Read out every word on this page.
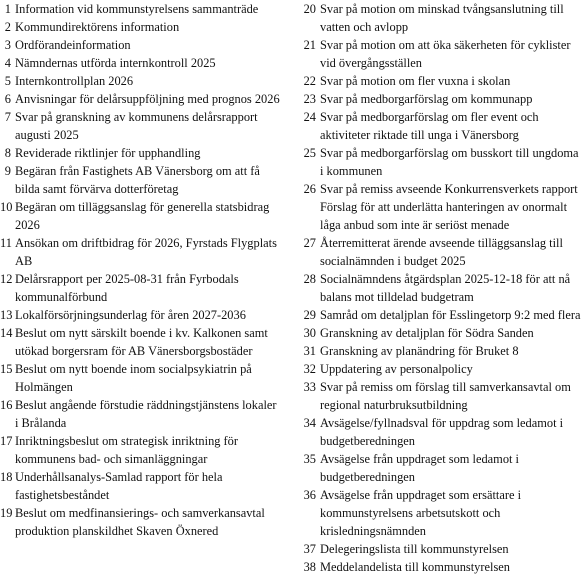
1 Information vid kommunstyrelsens sammanträde
2 Kommundirektörens information
3 Ordförandeinformation
4 Nämndernas utförda internkontroll 2025
5 Internkontrollplan 2026
6 Anvisningar för delårsuppföljning med prognos 2026
7 Svar på granskning av kommunens delårsrapport
augusti 2025
8 Reviderade riktlinjer för upphandling
9 Begäran från Fastighets AB Vänersborg om att få
bilda samt förvärva dotterföretag
10 Begäran om tilläggsanslag för generella statsbidrag
2026
11 Ansökan om driftbidrag för 2026, Fyrstads Flygplats
AB
12 Delårsrapport per 2025-08-31 från Fyrbodals
kommunalförbund
13 Lokalförsörjningsunderlag för åren 2027-2036
14 Beslut om nytt särskilt boende i kv. Kalkonen samt
utökad borgersram för AB Vänersborgsbostäder
15 Beslut om nytt boende inom socialpsykiatrin på
Holmängen
16 Beslut angående förstudie räddningstjänstens lokaler
i Brålanda
17 Inriktningsbeslut om strategisk inriktning för
kommunens bad- och simanläggningar
18 Underhållsanalys-Samlad rapport för hela
fastighetsbeståndet
19 Beslut om medfinansierings- och samverkansavtal
produktion planskildhet Skaven Öxnered
20 Svar på motion om minskad tvångsanslutning till
vatten och avlopp
21 Svar på motion om att öka säkerheten för cyklister
vid övergångsställen
22 Svar på motion om fler vuxna i skolan
23 Svar på medborgarförslag om kommunapp
24 Svar på medborgarförslag om fler event och
aktiviteter riktade till unga i Vänersborg
25 Svar på medborgarförslag om busskort till ungdoma
i kommunen
26 Svar på remiss avseende Konkurrensverkets rapport
Förslag för att underlätta hanteringen av onormalt
låga anbud som inte är seriöst menade
27 Återremitterat ärende avseende tilläggsanslag till
socialnämnden i budget 2025
28 Socialnämndens åtgärdsplan 2025-12-18 för att nå
balans mot tilldelad budgetram
29 Samråd om detaljplan för Esslingetorp 9:2 med flera
30 Granskning av detaljplan för Södra Sanden
31 Granskning av planändring för Bruket 8
32 Uppdatering av personalpolicy
33 Svar på remiss om förslag till samverkansavtal om
regional naturbruksutbildning
34 Avsägelse/fyllnadsval för uppdrag som ledamot i
budgetberedningen
35 Avsägelse från uppdraget som ledamot i
budgetberedningen
36 Avsägelse från uppdraget som ersättare i
kommunstyrelsens arbetsutskott och
krisledningsnämnden
37 Delegeringslista till kommunstyrelsen
38 Meddelandelista till kommunstyrelsen
